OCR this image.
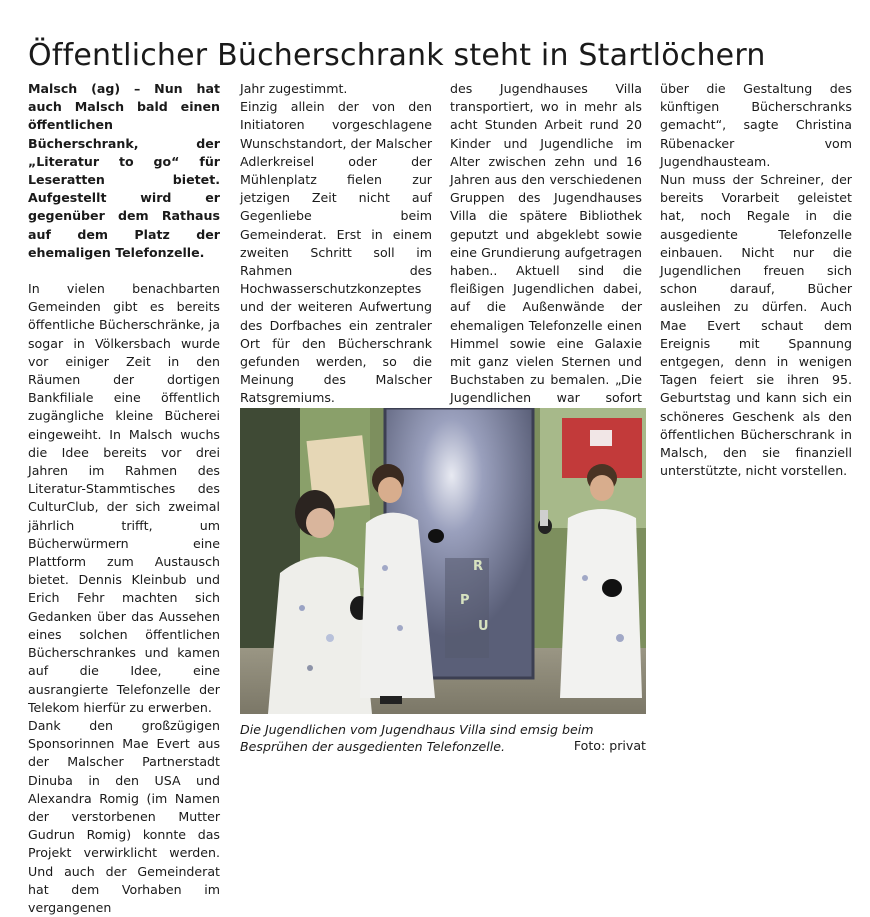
Öffentlicher Bücherschrank steht in Startlöchern

Malsch (ag) – Nun hat auch Malsch bald einen öffentlichen Bücherschrank, der „Literatur to go“ für Leseratten bietet. Aufgestellt wird er gegenüber dem Rathaus auf dem Platz der ehemaligen Telefonzelle.

In vielen benachbarten Gemeinden gibt es bereits öffentliche Bücherschränke, ja sogar in Völkersbach wurde vor einiger Zeit in den Räumen der dortigen Bankfiliale eine öffentlich zugängliche kleine Bücherei eingeweiht. In Malsch wuchs die Idee bereits vor drei Jahren im Rahmen des Literatur-Stammtisches des CulturClub, der sich zweimal jährlich trifft, um Bücherwürmern eine Plattform zum Austausch bietet. Dennis Kleinbub und Erich Fehr machten sich Gedanken über das Aussehen eines solchen öffentlichen Bücherschrankes und kamen auf die Idee, eine ausrangierte Telefonzelle der Telekom hierfür zu erwerben.

Dank den großzügigen Sponsorinnen Mae Evert aus der Malscher Partnerstadt Dinuba in den USA und Alexandra Romig (im Namen der verstorbenen Mutter Gudrun Romig) konnte das Projekt verwirklicht werden. Und auch der Gemeinderat hat dem Vorhaben im vergangenen

Jahr zugestimmt.

Einzig allein der von den Initiatoren vorgeschlagene Wunschstandort, der Malscher Adlerkreisel oder der Mühlenplatz fielen zur jetzigen Zeit nicht auf Gegenliebe beim Gemeinderat. Erst in einem zweiten Schritt soll im Rahmen des Hochwasserschutzkonzeptes und der weiteren Aufwertung des Dorfbaches ein zentraler Ort für den Bücherschrank gefunden werden, so die Meinung des Malscher Ratsgremiums.

des Jugendhauses Villa transportiert, wo in mehr als acht Stunden Arbeit rund 20 Kinder und Jugendliche im Alter zwischen zehn und 16 Jahren aus den verschiedenen Gruppen des Jugendhauses Villa die spätere Bibliothek geputzt und abgeklebt sowie eine Grundierung aufgetragen haben.. Aktuell sind die fleißigen Jugendlichen dabei, auf die Außenwände der ehemaligen Telefonzelle einen Himmel sowie eine Galaxie mit ganz vielen Sternen und Buchstaben zu bemalen. „Die Jugendlichen war sofort

über die Gestaltung des künftigen Bücherschranks gemacht“, sagte Christina Rübenacker vom Jugendhausteam.

Nun muss der Schreiner, der bereits Vorarbeit geleistet hat, noch Regale in die ausgediente Telefonzelle einbauen. Nicht nur die Jugendlichen freuen sich schon darauf, Bücher ausleihen zu dürfen. Auch Mae Evert schaut dem Ereignis mit Spannung entgegen, denn in wenigen Tagen feiert sie ihren 95. Geburtstag und kann sich ein schöneres Geschenk als den öffentlichen Bücherschrank in Malsch, den sie finanziell unterstützte, nicht vorstellen.

R
P
U
Die Jugendlichen vom Jugendhaus Villa sind emsig beim Besprühen der ausgedienten Telefonzelle.	Foto: privat
